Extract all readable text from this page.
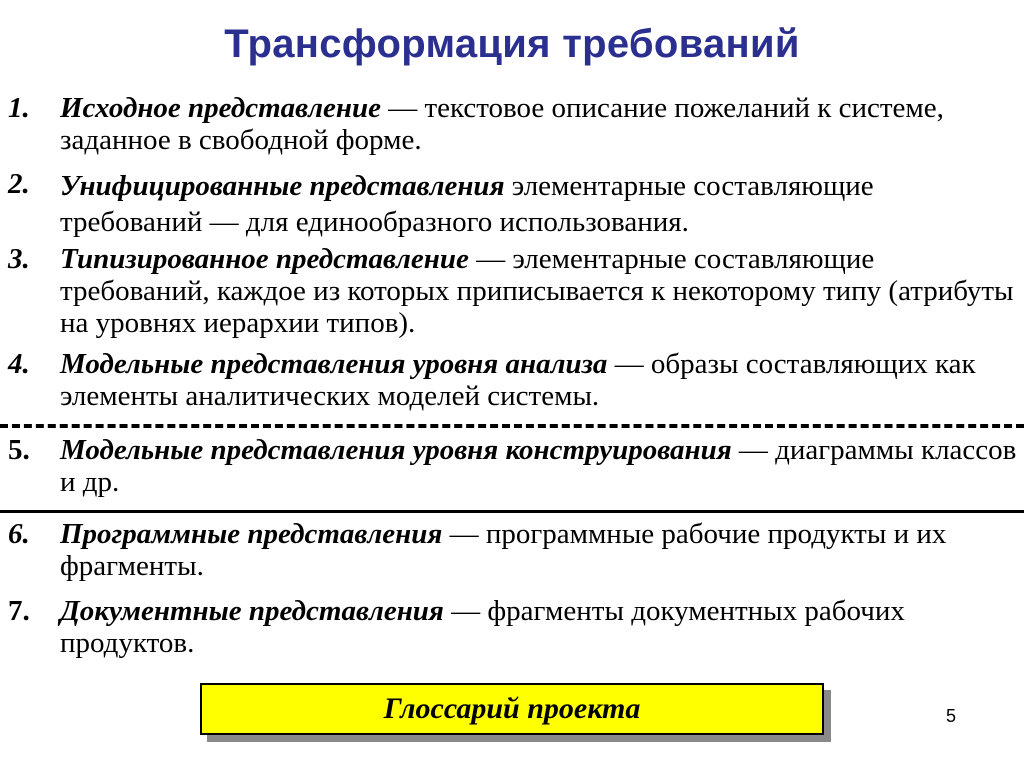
Трансформация требований
1. Исходное представление — текстовое описание пожеланий к системе, заданное в свободной форме.
2. Унифицированные представления элементарные составляющие требований — для единообразного использования.
3. Типизированное представление — элементарные составляющие требований, каждое из которых приписывается к некоторому типу (атрибуты на уровнях иерархии типов).
4. Модельные представления уровня анализа — образы составляющих как элементы аналитических моделей системы.
5. Модельные представления уровня конструирования — диаграммы классов и др.
6. Программные представления — программные рабочие продукты и их фрагменты.
7. Документные представления — фрагменты документных рабочих продуктов.
Глоссарий проекта	5
